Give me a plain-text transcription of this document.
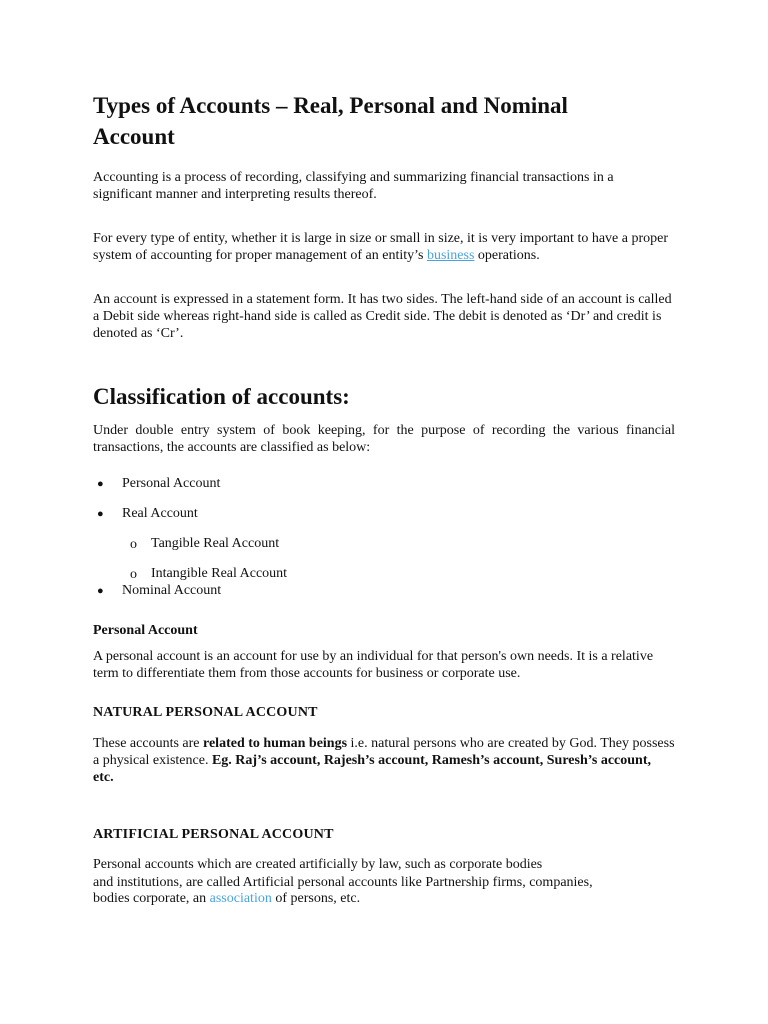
Types of Accounts – Real, Personal and Nominal Account

Accounting is a process of recording, classifying and summarizing financial transactions in a significant manner and interpreting results thereof.

For every type of entity, whether it is large in size or small in size, it is very important to have a proper system of accounting for proper management of an entity’s business operations.

An account is expressed in a statement form. It has two sides. The left-hand side of an account is called a Debit side whereas right-hand side is called as Credit side. The debit is denoted as ‘Dr’ and credit is denoted as ‘Cr’.

Classification of accounts:

Under double entry system of book keeping, for the purpose of recording the various financial transactions, the accounts are classified as below:

● Personal Account
● Real Account
o Tangible Real Account
o Intangible Real Account
● Nominal Account

Personal Account

A personal account is an account for use by an individual for that person's own needs. It is a relative term to differentiate them from those accounts for business or corporate use.

NATURAL PERSONAL ACCOUNT

These accounts are related to human beings i.e. natural persons who are created by God. They possess a physical existence. Eg. Raj’s account, Rajesh’s account, Ramesh’s account, Suresh’s account, etc.

ARTIFICIAL PERSONAL ACCOUNT

Personal accounts which are created artificially by law, such as corporate bodies

and institutions, are called Artificial personal accounts like Partnership firms, companies,

bodies corporate, an association of persons, etc.
